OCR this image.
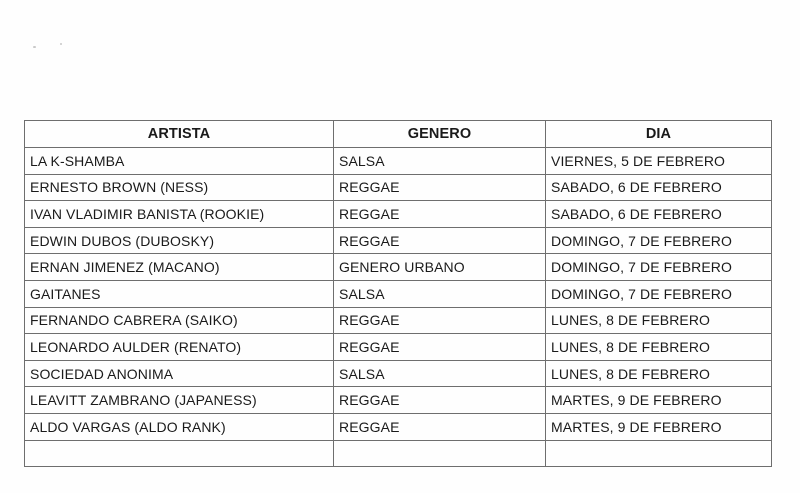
ARTISTA	GENERO	DIA
LA K-SHAMBA	SALSA	VIERNES, 5 DE FEBRERO
ERNESTO BROWN (NESS)	REGGAE	SABADO, 6 DE FEBRERO
IVAN VLADIMIR BANISTA (ROOKIE)	REGGAE	SABADO, 6 DE FEBRERO
EDWIN DUBOS (DUBOSKY)	REGGAE	DOMINGO, 7 DE FEBRERO
ERNAN JIMENEZ (MACANO)	GENERO URBANO	DOMINGO, 7 DE FEBRERO
GAITANES	SALSA	DOMINGO, 7 DE FEBRERO
FERNANDO CABRERA (SAIKO)	REGGAE	LUNES, 8 DE FEBRERO
LEONARDO AULDER (RENATO)	REGGAE	LUNES, 8 DE FEBRERO
SOCIEDAD ANONIMA	SALSA	LUNES, 8 DE FEBRERO
LEAVITT ZAMBRANO (JAPANESS)	REGGAE	MARTES, 9 DE FEBRERO
ALDO VARGAS (ALDO RANK)	REGGAE	MARTES, 9 DE FEBRERO
